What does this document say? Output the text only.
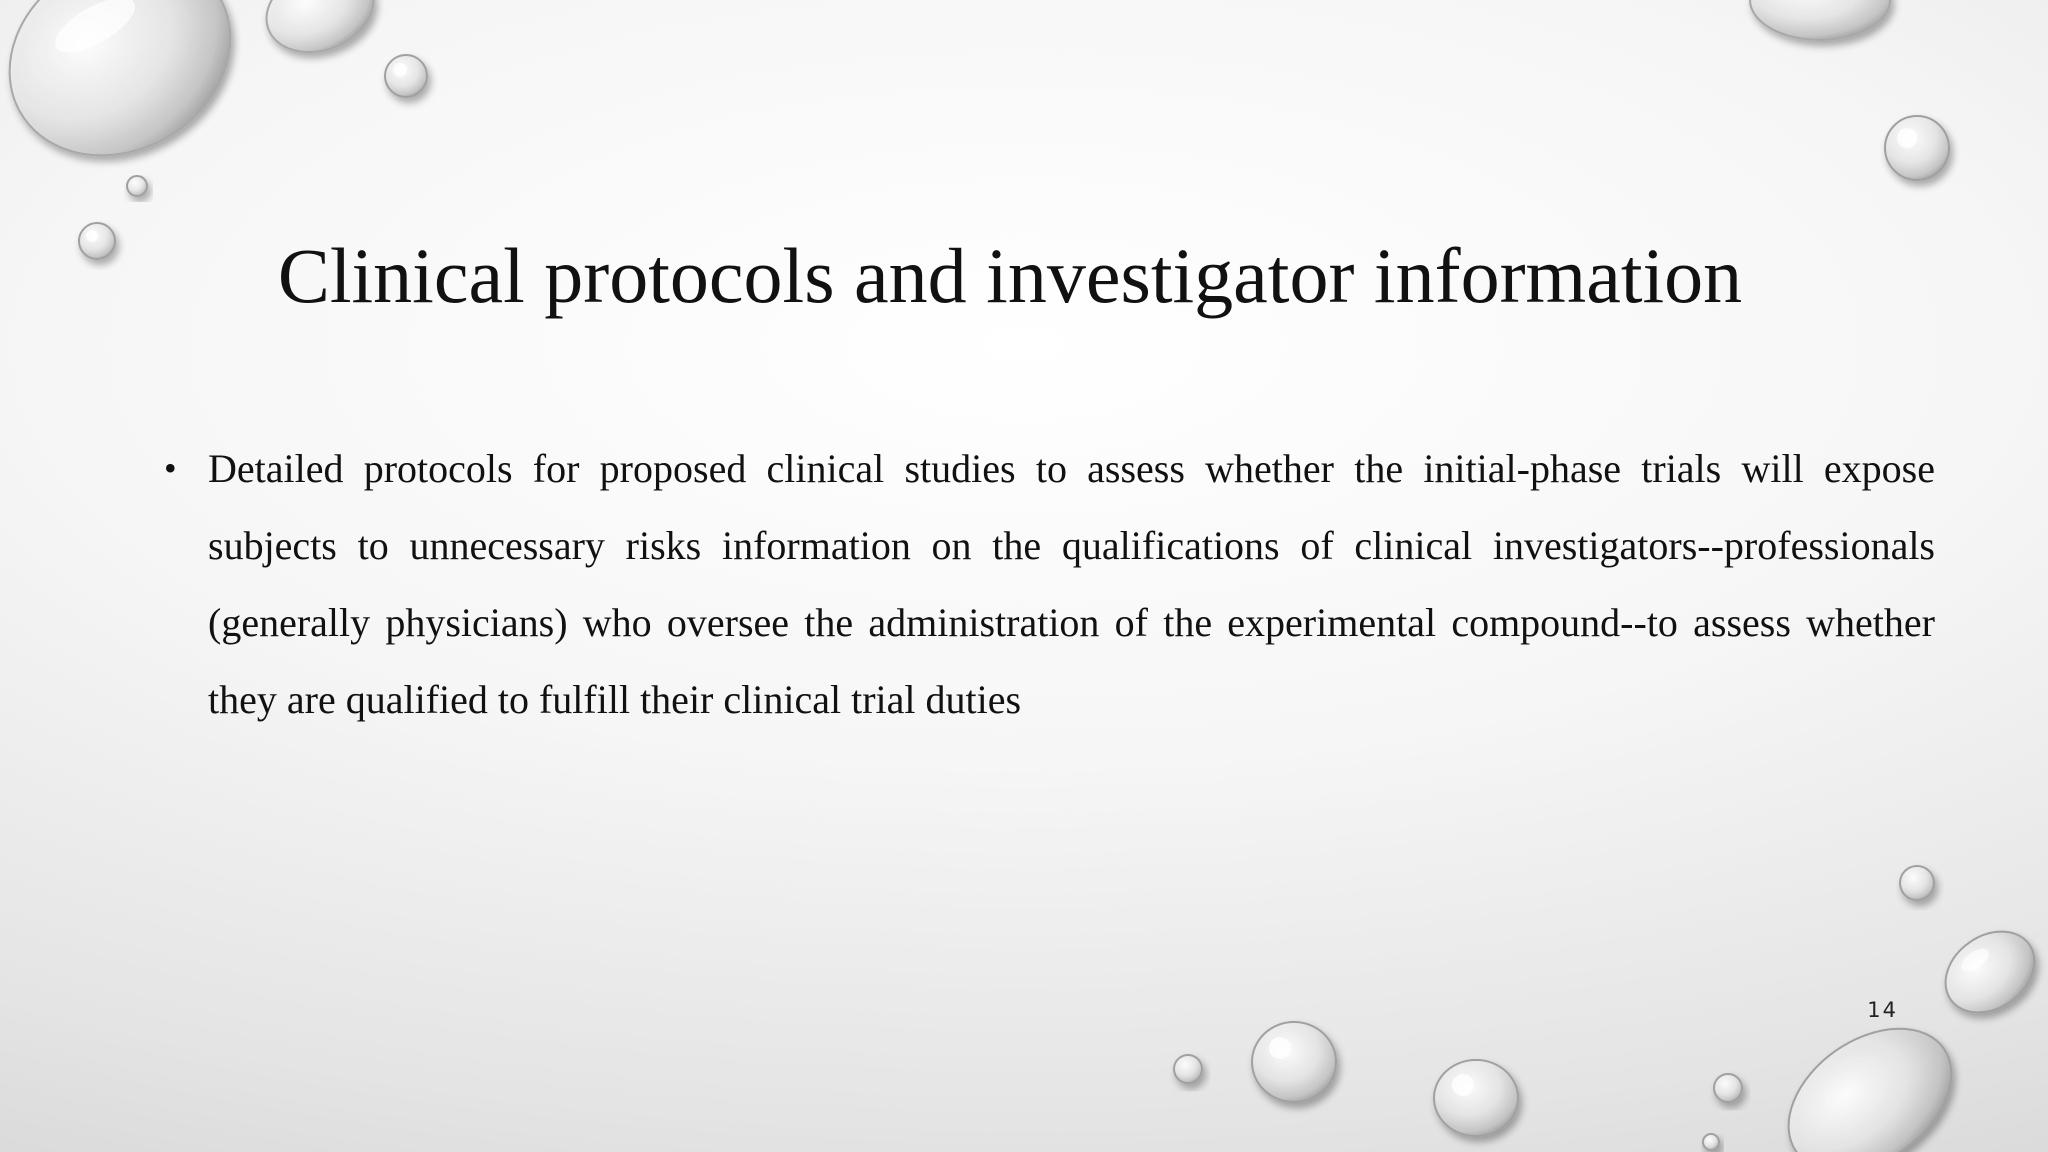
Clinical protocols and investigator information
• Detailed protocols for proposed clinical studies to assess whether the initial-phase trials will expose subjects to unnecessary risks information on the qualifications of clinical investigators--professionals (generally physicians) who oversee the administration of the experimental compound--to assess whether they are qualified to fulfill their clinical trial duties

14
